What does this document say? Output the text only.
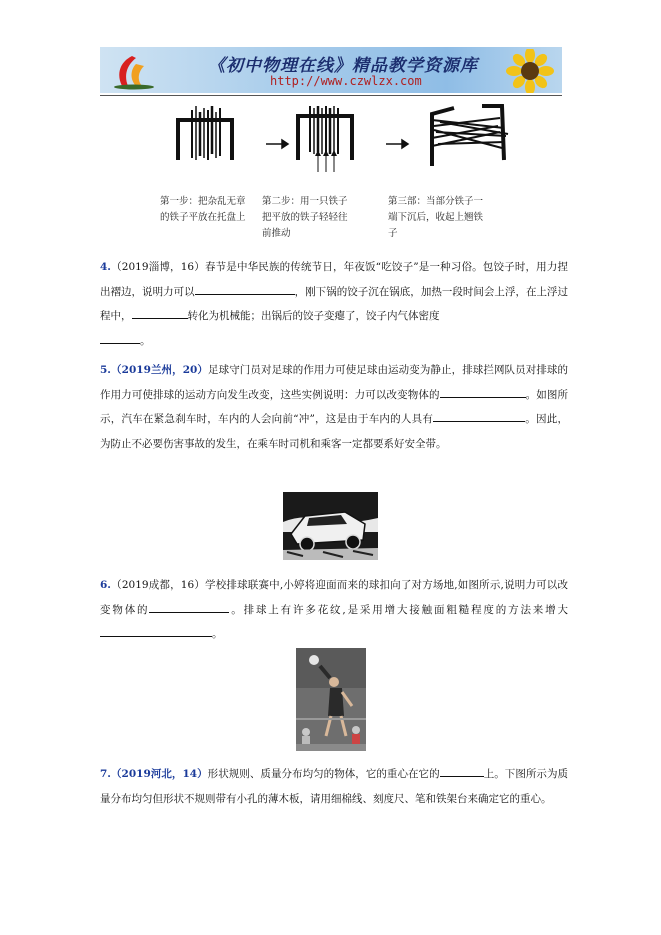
《初中物理在线》精品教学资源库
http://www.czwlzx.com
第一步：把杂乱无章的铁子平放在托盘上
第二步：用一只铁子把平放的铁子轻轻往前推动
第三部：当部分铁子一端下沉后，收起上翘铁子
4.（2019淄博，16）春节是中华民族的传统节日，年夜饭“吃饺子”是一种习俗。包饺子时，用力捏出褶边，说明力可以	，刚下锅的饺子沉在锅底，加热一段时间会上浮，在上浮过程中，	转化为机械能；出锅后的饺子变瘪了，饺子内气体密度
。
5.（2019兰州，20）足球守门员对足球的作用力可使足球由运动变为静止，排球拦网队员对排球的作用力可使排球的运动方向发生改变，这些实例说明：力可以改变物体的	。如图所示，汽车在紧急刹车时，车内的人会向前“冲”，这是由于车内的人具有	。因此，为防止不必要伤害事故的发生，在乘车时司机和乘客一定都要系好安全带。
6.（2019成都，16）学校排球联赛中,小婷将迎面而来的球扣向了对方场地,如图所示,说明力可以改变物体的	。排球上有许多花纹,是采用增大接触面粗糙程度的方法来增大。
7.（2019河北，14）形状规则、质量分布均匀的物体，它的重心在它的	上。下图所示为质量分布均匀但形状不规则带有小孔的薄木板，请用细棉线、刻度尺、笔和铁架台来确定它的重心。
